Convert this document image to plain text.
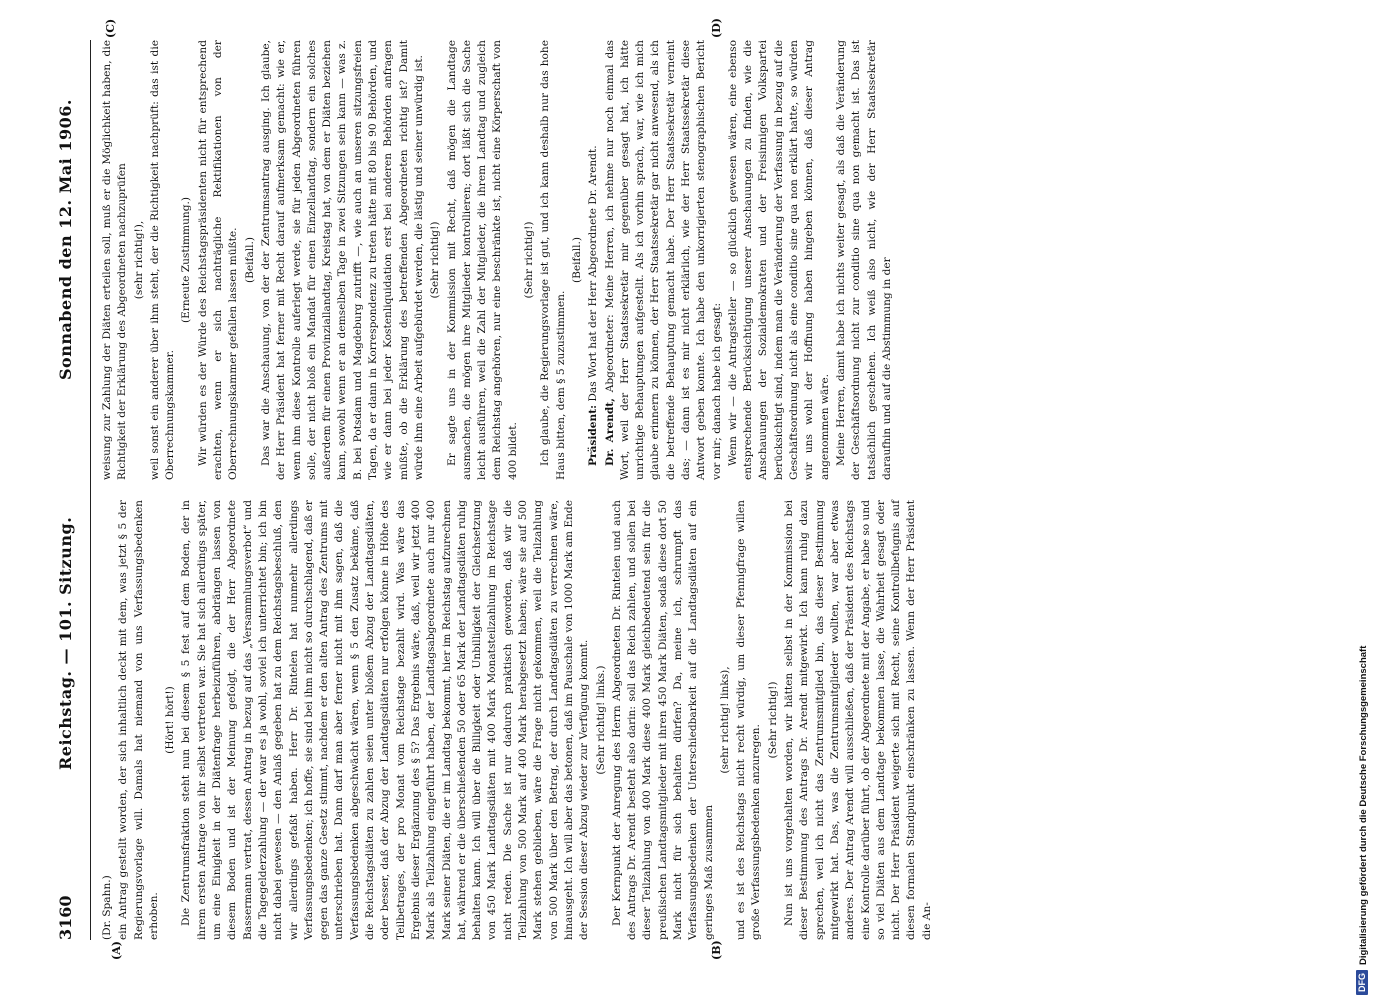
3160
Reichstag. — 101. Sitzung.
Sonnabend den 12. Mai 1906.
(A)	(B)
(C)	(D)

(Dr. Spahn.) ein Antrag gestellt worden, der sich inhaltlich deckt mit dem, was jetzt § 5 der Regierungsvorlage will. Damals hat niemand von uns Verfassungsbedenken erhoben.

(Hört! hört!) Die Zentrumsfraktion steht nun bei diesem § 5 fest auf dem Boden, der in ihrem ersten Antrage von ihr selbst vertreten war. Sie hat sich allerdings später, um eine Einigkeit in der Diätenfrage herbeizuführen, abdrängen lassen von diesem Boden und ist der Meinung gefolgt, die der Herr Abgeordnete Bassermann vertrat, dessen Antrag in bezug auf das „Versammlungsverbot“ und die Tagegelderzahlung — der war es ja wohl, soviel ich unterrichtet bin; ich bin nicht dabei gewesen — den Anlaß gegeben hat zu dem Reichstagsbeschluß, den wir allerdings gefaßt haben. Herr Dr. Rintelen hat nunmehr allerdings Verfassungsbedenken; ich hoffe, sie sind bei ihm nicht so durchschlagend, daß er gegen das ganze Gesetz stimmt, nachdem er den alten Antrag des Zentrums mit unterschrieben hat. Dann darf man aber ferner nicht mit ihm sagen, daß die Verfassungsbedenken abgeschwächt wären, wenn § 5 den Zusatz bekäme, daß die Reichstagsdiäten zu zahlen seien unter bloßem Abzug der Landtagsdiäten, oder besser, daß der Abzug der Landtagsdiäten nur erfolgen könne in Höhe des Teilbetrages, der pro Monat vom Reichstage bezahlt wird. Was wäre das Ergebnis dieser Ergänzung des § 5? Das Ergebnis wäre, daß, weil wir jetzt 400 Mark als Teilzahlung eingeführt haben, der Landtagsabgeordnete auch nur 400 Mark seiner Diäten, die er im Landtag bekommt, hier im Reichstag aufzurechnen hat, während er die überschießenden 50 oder 65 Mark der Landtagsdiäten ruhig behalten kann. Ich will über die Billigkeit oder Unbilligkeit der Gleichsetzung von 450 Mark Landtagsdiäten mit 400 Mark Monatsteilzahlung im Reichstage nicht reden. Die Sache ist nur dadurch praktisch geworden, daß wir die Teilzahlung von 500 Mark auf 400 Mark herabgesetzt haben; wäre sie auf 500 Mark stehen geblieben, wäre die Frage nicht gekommen, weil die Teilzahlung von 500 Mark über den Betrag, der durch Landtagsdiäten zu verrechnen wäre, hinausgeht. Ich will aber das betonen, daß im Pauschale von 1000 Mark am Ende der Session dieser Abzug wieder zur Verfügung kommt. (Sehr richtig! links.) Der Kernpunkt der Anregung des Herrn Abgeordneten Dr. Rintelen und auch des Antrags Dr. Arendt besteht also darin: soll das Reich zahlen, und sollen bei dieser Teilzahlung von 400 Mark diese 400 Mark gleichbedeutend sein für die preußischen Landtagsmitglieder mit ihren 450 Mark Diäten, sodaß diese dort 50 Mark nicht für sich behalten dürfen? Da, meine ich, schrumpft das Verfassungsbedenken der Unterschiedbarkeit auf die Landtagsdiäten auf ein geringes Maß zusammen

(sehr richtig! links), und es ist des Reichstags nicht recht würdig, um dieser Pfennigfrage willen große Verfassungsbedenken anzuregen.

(Sehr richtig!) Nun ist uns vorgehalten worden, wir hätten selbst in der Kommission bei dieser Bestimmung des Antrags Dr. Arendt mitgewirkt. Ich kann ruhig dazu sprechen, weil ich nicht das Zentrumsmitglied bin, das dieser Bestimmung mitgewirkt hat. Das, was die Zentrumsmitglieder wollten, war aber etwas anderes. Der Antrag Arendt will ausschließen, daß der Präsident des Reichstags eine Kontrolle darüber führt, ob der Abgeordnete mit der Angabe, er habe so und so viel Diäten aus dem Landtage bekommen lasse, die Wahrheit gesagt oder nicht. Der Herr Präsident weigerte sich mit Recht, seine Kontrollbefugnis auf diesen formalen Standpunkt einschränken zu lassen. Wenn der Herr Präsident die An-

weisung zur Zahlung der Diäten erteilen soll, muß er die Möglichkeit haben, die Richtigkeit der Erklärung des Abgeordneten nachzuprüfen (sehr richtig!), weil sonst ein anderer über ihm steht, der die Richtigkeit nachprüft: das ist die Oberrechnungskammer.

(Erneute Zustimmung.) Wir würden es der Würde des Reichstagspräsidenten nicht für entsprechend erachten, wenn er sich nachträgliche Rektifikationen von der Oberrechnungskammer gefallen lassen müßte. (Beifall.) Das war die Anschauung, von der der Zentrumsantrag ausging. Ich glaube, der Herr Präsident hat ferner mit Recht darauf aufmerksam gemacht: wie er, wenn ihm diese Kontrolle auferlegt werde, sie für jeden Abgeordneten führen solle, der nicht bloß ein Mandat für einen Einzellandtag, sondern ein solches außerdem für einen Provinziallandtag, Kreistag hat, von dem er Diäten beziehen kann, sowohl wenn er an demselben Tage in zwei Sitzungen sein kann — was z. B. bei Potsdam und Magdeburg zutrifft —, wie auch an unseren sitzungsfreien Tagen, da er dann in Korrespondenz zu treten hätte mit 80 bis 90 Behörden, und wie er dann bei jeder Kostenliquidation erst bei anderen Behörden anfragen müßte, ob die Erklärung des betreffenden Abgeordneten richtig ist? Damit würde ihm eine Arbeit aufgebürdet werden, die lästig und seiner unwürdig ist. (Sehr richtig!) Er sagte uns in der Kommission mit Recht, daß mögen die Landtage ausmachen, die mögen ihre Mitglieder kontrollieren; dort läßt sich die Sache leicht ausführen, weil die Zahl der Mitglieder, die ihrem Landtag und zugleich dem Reichstag angehören, nur eine beschränkte ist, nicht eine Körperschaft von 400 bildet.

(Sehr richtig!) Ich glaube, die Regierungsvorlage ist gut, und ich kann deshalb nur das hohe Haus bitten, dem § 5 zuzustimmen.

(Beifall.)

Präsident: Das Wort hat der Herr Abgeordnete Dr. Arendt.

Dr. Arendt, Abgeordneter: Meine Herren, ich nehme nur noch einmal das Wort, weil der Herr Staatssekretär mir gegenüber gesagt hat, ich hätte unrichtige Behauptungen aufgestellt. Als ich vorhin sprach, war, wie ich mich glaube erinnern zu können, der Herr Staatssekretär gar nicht anwesend, als ich die betreffende Behauptung gemacht habe. Der Herr Staatssekretär verneint das; — dann ist es mir nicht erklärlich, wie der Herr Staatssekretär diese Antwort geben konnte. Ich habe den unkorrigierten stenographischen Bericht vor mir; danach habe ich gesagt: Wenn wir — die Antragsteller — so glücklich gewesen wären, eine ebenso entsprechende Berücksichtigung unserer Anschauungen zu finden, wie die Anschauungen der Sozialdemokraten und der Freisinnigen Volkspartei berücksichtigt sind, indem man die Veränderung der Verfassung in bezug auf die Geschäftsordnung nicht als eine conditio sine qua non erklärt hatte, so würden wir uns wohl der Hoffnung haben hingeben können, daß dieser Antrag angenommen wäre. Meine Herren, damit habe ich nichts weiter gesagt, als daß die Veränderung der Geschäftsordnung nicht zur conditio sine qua non gemacht ist. Das ist tatsächlich geschehen. Ich weiß also nicht, wie der Herr Staatssekretär daraufhin und auf die Abstimmung in der

DFG
Digitalisierung gefördert durch die Deutsche Forschungsgemeinschaft
